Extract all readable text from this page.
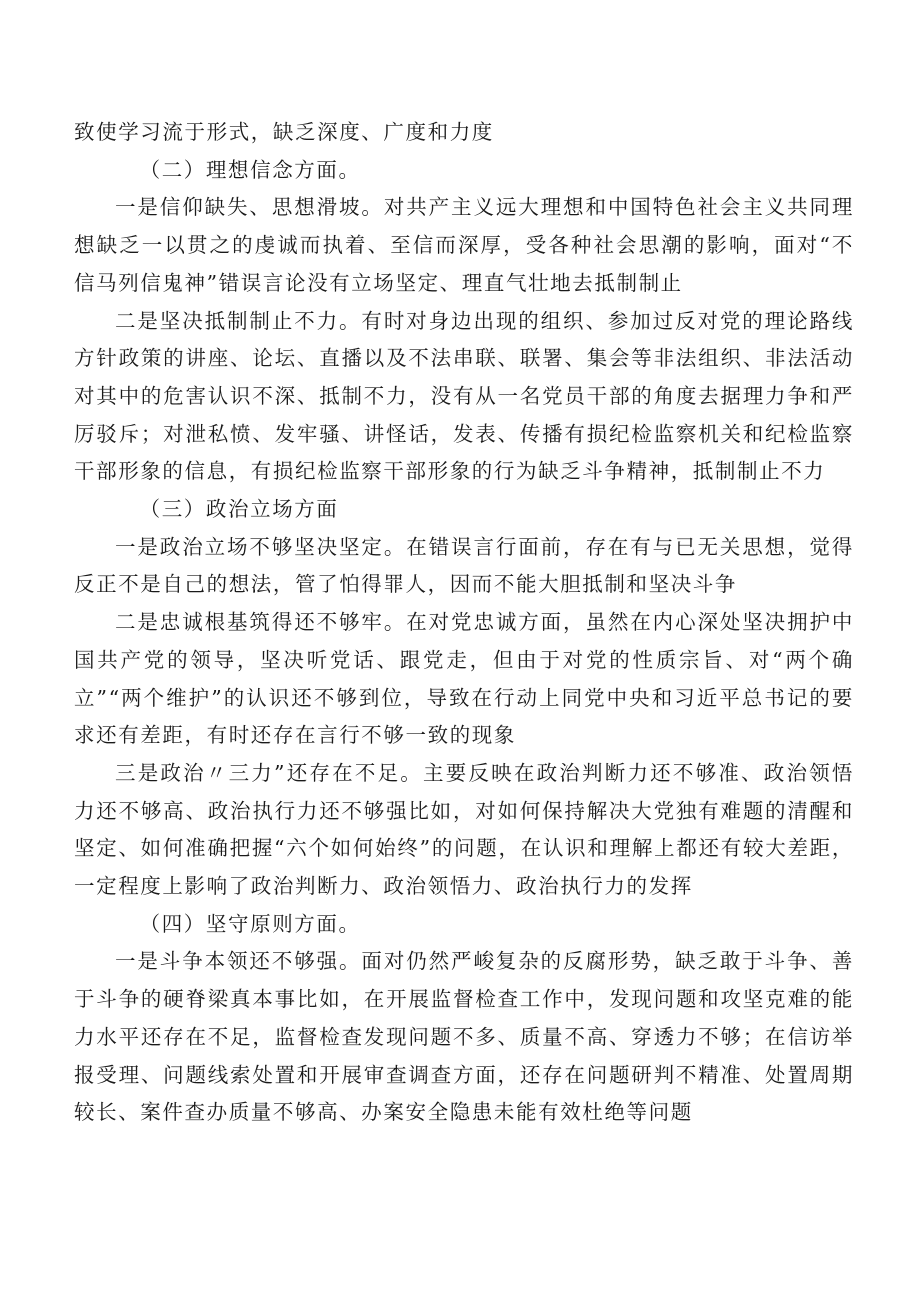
致使学习流于形式，缺乏深度、广度和力度

（二）理想信念方面。

一是信仰缺失、思想滑坡。对共产主义远大理想和中国特色社会主义共同理想缺乏一以贯之的虔诚而执着、至信而深厚，受各种社会思潮的影响，面对“不信马列信鬼神”错误言论没有立场坚定、理直气壮地去抵制制止

二是坚决抵制制止不力。有时对身边出现的组织、参加过反对党的理论路线方针政策的讲座、论坛、直播以及不法串联、联署、集会等非法组织、非法活动对其中的危害认识不深、抵制不力，没有从一名党员干部的角度去据理力争和严厉驳斥；对泄私愤、发牢骚、讲怪话，发表、传播有损纪检监察机关和纪检监察干部形象的信息，有损纪检监察干部形象的行为缺乏斗争精神，抵制制止不力

（三）政治立场方面

一是政治立场不够坚决坚定。在错误言行面前，存在有与已无关思想，觉得反正不是自己的想法，管了怕得罪人，因而不能大胆抵制和坚决斗争

二是忠诚根基筑得还不够牢。在对党忠诚方面，虽然在内心深处坚决拥护中国共产党的领导，坚决听党话、跟党走，但由于对党的性质宗旨、对“两个确立”“两个维护”的认识还不够到位，导致在行动上同党中央和习近平总书记的要求还有差距，有时还存在言行不够一致的现象

三是政治〃三力”还存在不足。主要反映在政治判断力还不够准、政治领悟力还不够高、政治执行力还不够强比如，对如何保持解决大党独有难题的清醒和坚定、如何准确把握“六个如何始终”的问题，在认识和理解上都还有较大差距，一定程度上影响了政治判断力、政治领悟力、政治执行力的发挥

（四）坚守原则方面。

一是斗争本领还不够强。面对仍然严峻复杂的反腐形势，缺乏敢于斗争、善于斗争的硬脊梁真本事比如，在开展监督检查工作中，发现问题和攻坚克难的能力水平还存在不足，监督检查发现问题不多、质量不高、穿透力不够；在信访举报受理、问题线索处置和开展审查调查方面，还存在问题研判不精准、处置周期较长、案件查办质量不够高、办案安全隐患未能有效杜绝等问题
